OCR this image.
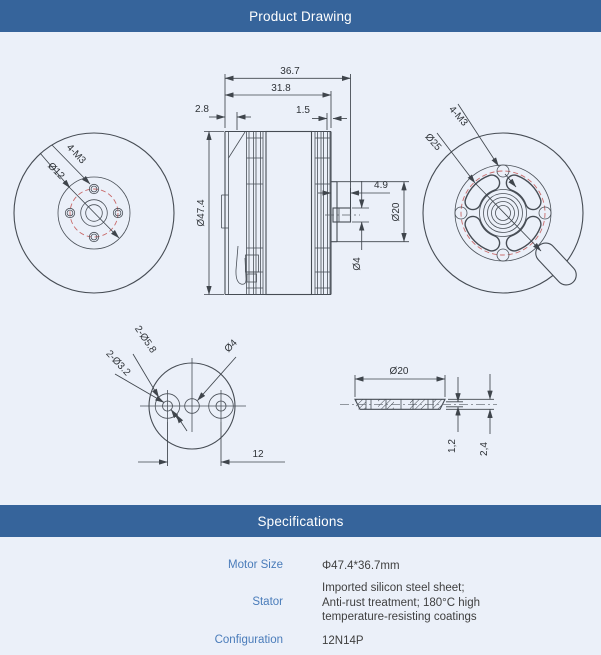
Product Drawing
4-M3
Ø12
36.7
31.8
2.8	1.5
Ø47.4
4.9
Ø20
Ø4
4-M3
Ø25
2-Ø5.8
2-Ø3.2
Ø4
12
Ø20
1,2 2,4
Specifications
Motor Size	Φ47.4*36.7mm
Stator
Imported silicon steel sheet;
Anti-rust treatment; 180°C high
temperature-resisting coatings
Configuration	12N14P
